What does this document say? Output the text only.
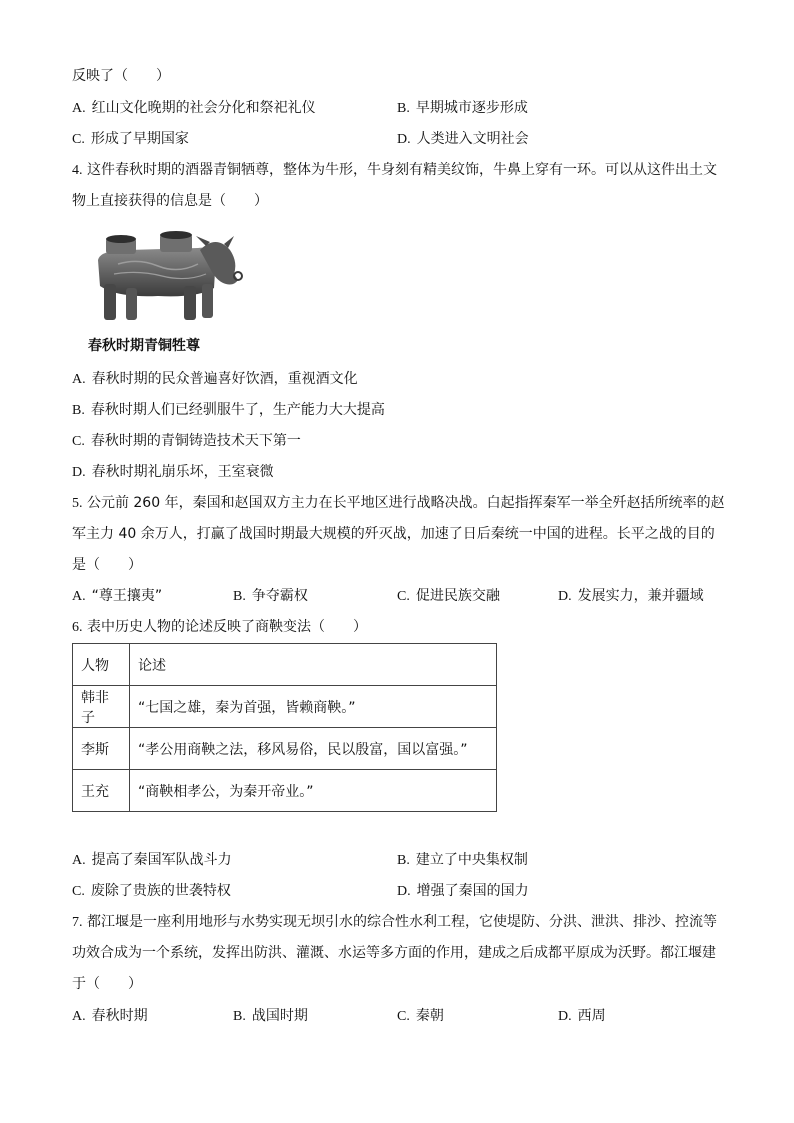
反映了（　　）
A. 红山文化晚期的社会分化和祭祀礼仪	B. 早期城市逐步形成
C. 形成了早期国家	D. 人类进入文明社会
4. 这件春秋时期的酒器青铜牺尊，整体为牛形，牛身刻有精美纹饰，牛鼻上穿有一环。可以从这件出土文
物上直接获得的信息是（　　）
春秋时期青铜牲尊
A. 春秋时期的民众普遍喜好饮酒，重视酒文化
B. 春秋时期人们已经驯服牛了，生产能力大大提高
C. 春秋时期的青铜铸造技术天下第一
D. 春秋时期礼崩乐坏，王室衰微
5. 公元前 260 年，秦国和赵国双方主力在长平地区进行战略决战。白起指挥秦军一举全歼赵括所统率的赵
军主力 40 余万人，打赢了战国时期最大规模的歼灭战，加速了日后秦统一中国的进程。长平之战的目的
是（　　）
A. “尊王攘夷”	B. 争夺霸权	C. 促进民族交融	D. 发展实力，兼并疆域
6. 表中历史人物的论述反映了商鞅变法（　　）
人物	论述
韩非子	“七国之雄，秦为首强，皆赖商鞅。”
李斯	“孝公用商鞅之法，移风易俗，民以殷富，国以富强。”
王充	“商鞅相孝公，为秦开帝业。”
A. 提高了秦国军队战斗力	B. 建立了中央集权制
C. 废除了贵族的世袭特权	D. 增强了秦国的国力
7. 都江堰是一座利用地形与水势实现无坝引水的综合性水利工程，它使堤防、分洪、泄洪、排沙、控流等
功效合成为一个系统，发挥出防洪、灌溉、水运等多方面的作用，建成之后成都平原成为沃野。都江堰建
于（　　）
A. 春秋时期	B. 战国时期	C. 秦朝	D. 西周
